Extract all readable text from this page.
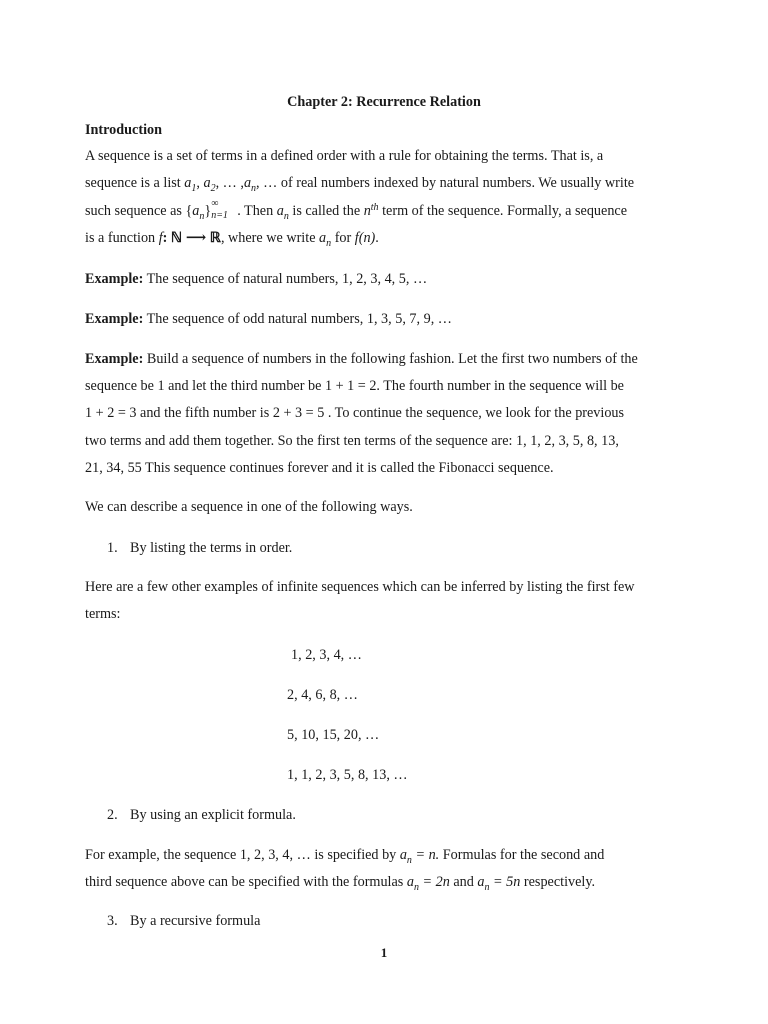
Chapter 2: Recurrence Relation
Introduction
A sequence is a set of terms in a defined order with a rule for obtaining the terms. That is, a
sequence is a list $a_1$, $a_2$, … $,a_n$, … of real numbers indexed by natural numbers. We usually write
such sequence as $\{a_n\}$ ∞
n=1 . Then $a_n$ is called the $n^{th}$ term of the sequence. Formally, a sequence
is a function f: ℕ ⟶ ℝ, where we write $a_n$ for f(n).
Example: The sequence of natural numbers, 1, 2, 3, 4, 5, …
Example: The sequence of odd natural numbers, 1, 3, 5, 7, 9, …
Example: Build a sequence of numbers in the following fashion. Let the first two numbers of the
sequence be 1 and let the third number be 1 + 1 = 2. The fourth number in the sequence will be
1 + 2 = 3 and the fifth number is 2 + 3 = 5 . To continue the sequence, we look for the previous
two terms and add them together. So the first ten terms of the sequence are: 1, 1, 2, 3, 5, 8, 13,
21, 34, 55 This sequence continues forever and it is called the Fibonacci sequence.
We can describe a sequence in one of the following ways.
1. By listing the terms in order.
Here are a few other examples of infinite sequences which can be inferred by listing the first few
terms:
1, 2, 3, 4, …
2, 4, 6, 8, …
5, 10, 15, 20, …
1, 1, 2, 3, 5, 8, 13, …
2. By using an explicit formula.
For example, the sequence 1, 2, 3, 4, … is specified by $a_n = n$. Formulas for the second and
third sequence above can be specified with the formulas $a_n = 2n$ and $a_n = 5n$ respectively.
3. By a recursive formula
1
